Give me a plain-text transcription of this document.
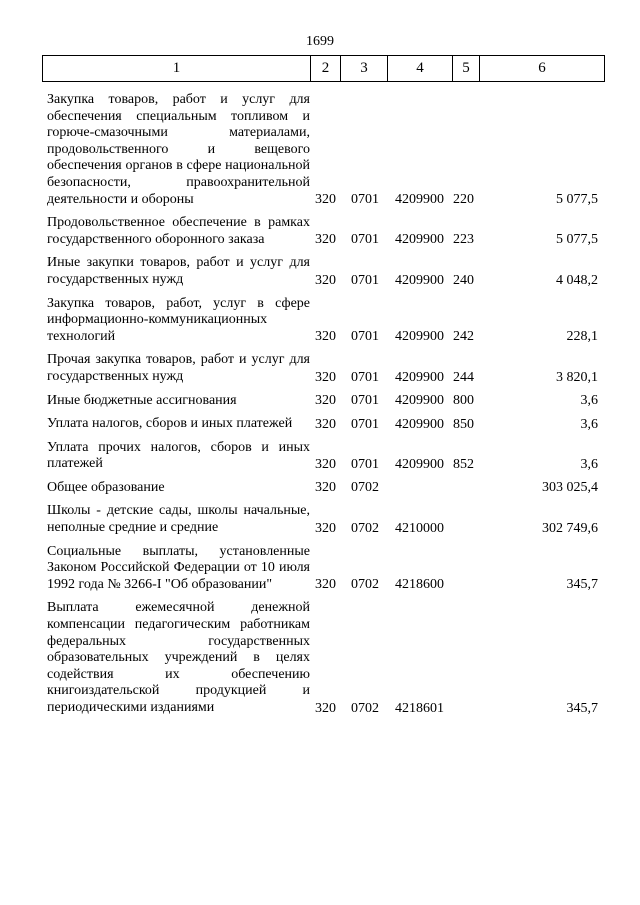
1699
1	2	3	4	5	6
Закупка товаров, работ и услуг для обеспечения специальным топливом и горюче-смазочными материалами, продовольственного и вещевого обеспечения органов в сфере национальной безопасности, правоохранительной деятельности и обороны	320 0701 4209900 220	5 077,5
Продовольственное обеспечение в рамках государственного оборонного заказа	320 0701 4209900 223	5 077,5
Иные закупки товаров, работ и услуг для государственных нужд	320 0701 4209900 240	4 048,2
Закупка товаров, работ, услуг в сфере информационно-коммуникационных технологий	320 0701 4209900 242	228,1
Прочая закупка товаров, работ и услуг для государственных нужд	320 0701 4209900 244	3 820,1
Иные бюджетные ассигнования	320 0701 4209900 800	3,6
Уплата налогов, сборов и иных платежей	320 0701 4209900 850	3,6
Уплата прочих налогов, сборов и иных платежей	320 0701 4209900 852	3,6
Общее образование	320 0702	303 025,4
Школы - детские сады, школы начальные, неполные средние и средние	320 0702 4210000	302 749,6
Социальные выплаты, установленные Законом Российской Федерации от 10 июля 1992 года № 3266-I "Об образовании"	320 0702 4218600	345,7
Выплата ежемесячной денежной компенсации педагогическим работникам федеральных государственных образовательных учреждений в целях содействия их обеспечению книгоиздательской продукцией и периодическими изданиями	320 0702 4218601	345,7
